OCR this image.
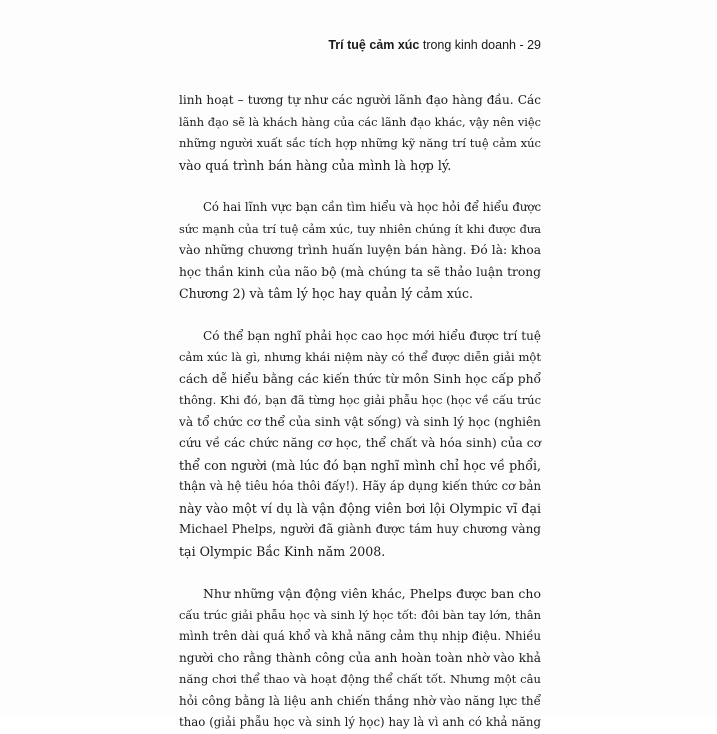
Trí tuệ cảm xúc trong kinh doanh - 29
linh hoạt – tương tự như các người lãnh đạo hàng đầu. Các
lãnh đạo sẽ là khách hàng của các lãnh đạo khác, vậy nên việc
những người xuất sắc tích hợp những kỹ năng trí tuệ cảm xúc
vào quá trình bán hàng của mình là hợp lý.
Có hai lĩnh vực bạn cần tìm hiểu và học hỏi để hiểu được
sức mạnh của trí tuệ cảm xúc, tuy nhiên chúng ít khi được đưa
vào những chương trình huấn luyện bán hàng. Đó là: khoa
học thần kinh của não bộ (mà chúng ta sẽ thảo luận trong
Chương 2) và tâm lý học hay quản lý cảm xúc.
Có thể bạn nghĩ phải học cao học mới hiểu được trí tuệ
cảm xúc là gì, nhưng khái niệm này có thể được diễn giải một
cách dễ hiểu bằng các kiến thức từ môn Sinh học cấp phổ
thông. Khi đó, bạn đã từng học giải phẫu học (học về cấu trúc
và tổ chức cơ thể của sinh vật sống) và sinh lý học (nghiên
cứu về các chức năng cơ học, thể chất và hóa sinh) của cơ
thể con người (mà lúc đó bạn nghĩ mình chỉ học về phổi,
thận và hệ tiêu hóa thôi đấy!). Hãy áp dụng kiến thức cơ bản
này vào một ví dụ là vận động viên bơi lội Olympic vĩ đại
Michael Phelps, người đã giành được tám huy chương vàng
tại Olympic Bắc Kinh năm 2008.
Như những vận động viên khác, Phelps được ban cho
cấu trúc giải phẫu học và sinh lý học tốt: đôi bàn tay lớn, thân
mình trên dài quá khổ và khả năng cảm thụ nhịp điệu. Nhiều
người cho rằng thành công của anh hoàn toàn nhờ vào khả
năng chơi thể thao và hoạt động thể chất tốt. Nhưng một câu
hỏi công bằng là liệu anh chiến thắng nhờ vào năng lực thể
thao (giải phẫu học và sinh lý học) hay là vì anh có khả năng
